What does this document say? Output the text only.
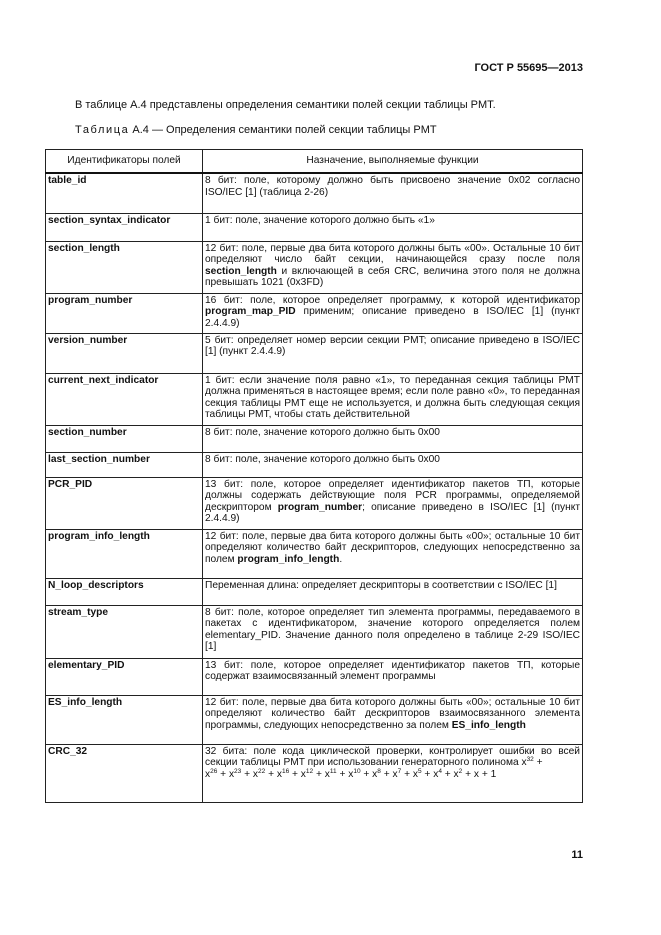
ГОСТ Р 55695—2013
В таблице А.4 представлены определения семантики полей секции таблицы PMT.
Таблица А.4 — Определения семантики полей секции таблицы PMT
Идентификаторы полей	Назначение, выполняемые функции
table_id	8 бит: поле, которому должно быть присвоено значение 0x02 согласно ISO/IEC [1] (таблица 2-26)
section_syntax_indicator	1 бит: поле, значение которого должно быть «1»
section_length	12 бит: поле, первые два бита которого должны быть «00». Остальные 10 бит определяют число байт секции, начинающейся сразу после поля section_length и включающей в себя CRC, величина этого поля не должна превышать 1021 (0x3FD)
program_number	16 бит: поле, которое определяет программу, к которой идентификатор program_map_PID применим; описание приведено в ISO/IEC [1] (пункт 2.4.4.9)
version_number	5 бит: определяет номер версии секции PMT; описание приведено в ISO/IEC [1] (пункт 2.4.4.9)
current_next_indicator	1 бит: если значение поля равно «1», то переданная секция таблицы PMT должна применяться в настоящее время; если поле равно «0», то переданная секция таблицы PMT еще не используется, и должна быть следующая секция таблицы PMT, чтобы стать действительной
section_number	8 бит: поле, значение которого должно быть 0x00
last_section_number	8 бит: поле, значение которого должно быть 0x00
PCR_PID	13 бит: поле, которое определяет идентификатор пакетов ТП, которые должны содержать действующие поля PCR программы, определяемой дескриптором program_number; описание приведено в ISO/IEC [1] (пункт 2.4.4.9)
program_info_length	12 бит: поле, первые два бита которого должны быть «00»; остальные 10 бит определяют количество байт дескрипторов, следующих непосредственно за полем program_info_length.
N_loop_descriptors	Переменная длина: определяет дескрипторы в соответствии с ISO/IEC [1]
stream_type	8 бит: поле, которое определяет тип элемента программы, передаваемого в пакетах с идентификатором, значение которого определяется полем elementary_PID. Значение данного поля определено в таблице 2-29 ISO/IEC [1]
elementary_PID	13 бит: поле, которое определяет идентификатор пакетов ТП, которые содержат взаимосвязанный элемент программы
ES_info_length	12 бит: поле, первые два бита которого должны быть «00»; остальные 10 бит определяют количество байт дескрипторов взаимосвязанного элемента программы, следующих непосредственно за полем ES_info_length
CRC_32	32 бита: поле кода циклической проверки, контролирует ошибки во всей секции таблицы PMT при использовании генераторного полинома $x^{32}$ +
$x^{26} + x^{23} + x^{22} + x^{16} + x^{12} + x^{11} + x^{10} + x^8 + x^7 + x^5 + x^4 + x^2 + x + 1$
11
